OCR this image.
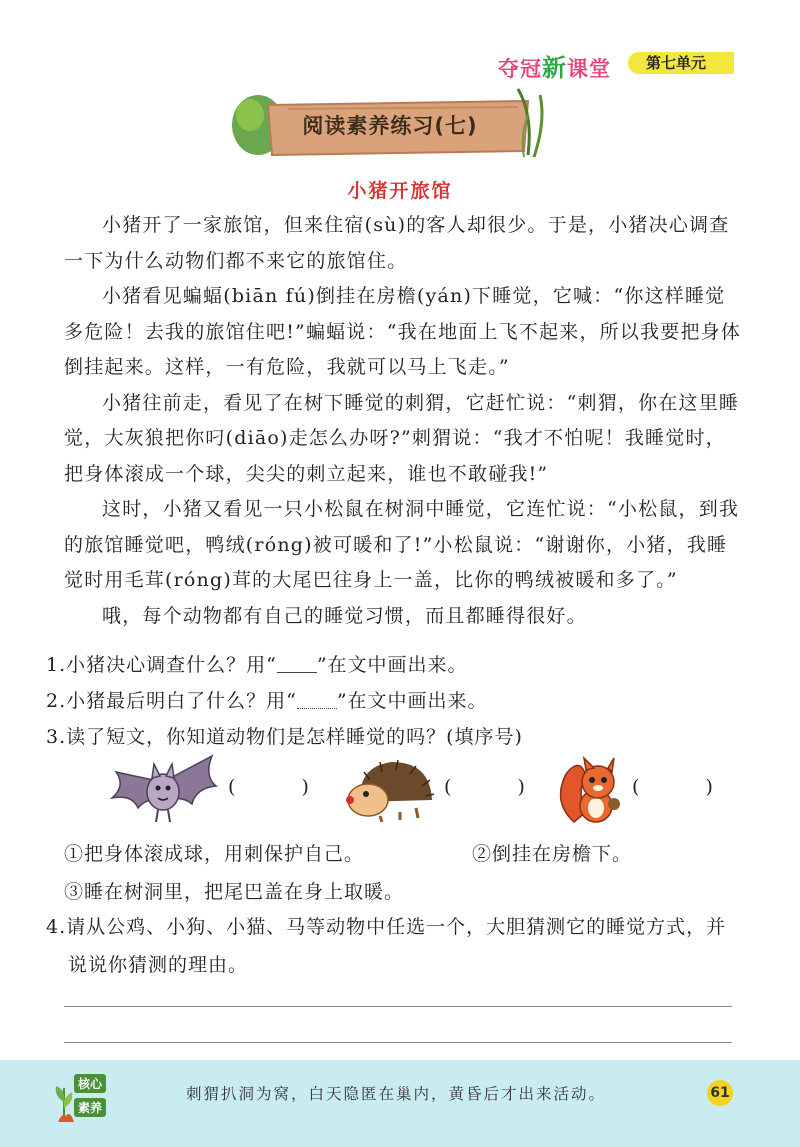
夺冠新课堂	第七单元
阅读素养练习(七)
小猪开旅馆

小猪开了一家旅馆，但来住宿(sù)的客人却很少。于是，小猪决心调查一下为什么动物们都不来它的旅馆住。

小猪看见蝙蝠(biān fú)倒挂在房檐(yán)下睡觉，它喊：“你这样睡觉多危险！去我的旅馆住吧!”蝙蝠说：“我在地面上飞不起来，所以我要把身体倒挂起来。这样，一有危险，我就可以马上飞走。”

小猪往前走，看见了在树下睡觉的刺猬，它赶忙说：“刺猬，你在这里睡觉，大灰狼把你叼(diāo)走怎么办呀?”刺猬说：“我才不怕呢！我睡觉时，把身体滚成一个球，尖尖的刺立起来，谁也不敢碰我!”

这时，小猪又看见一只小松鼠在树洞中睡觉，它连忙说：“小松鼠，到我的旅馆睡觉吧，鸭绒(róng)被可暖和了!”小松鼠说：“谢谢你，小猪，我睡觉时用毛茸(róng)茸的大尾巴往身上一盖，比你的鸭绒被暖和多了。”

哦，每个动物都有自己的睡觉习惯，而且都睡得很好。

1.小猪决心调查什么？用“ ”在文中画出来。

2.小猪最后明白了什么？用“ ”在文中画出来。

3.读了短文，你知道动物们是怎样睡觉的吗？(填序号)

( )	( )	( )
①把身体滚成球，用刺保护自己。	②倒挂在房檐下。
③睡在树洞里，把尾巴盖在身上取暖。

4.请从公鸡、小狗、小猫、马等动物中任选一个，大胆猜测它的睡觉方式，并说说你猜测的理由。

核心
素养
刺猬扒洞为窝，白天隐匿在巢内，黄昏后才出来活动。	61
